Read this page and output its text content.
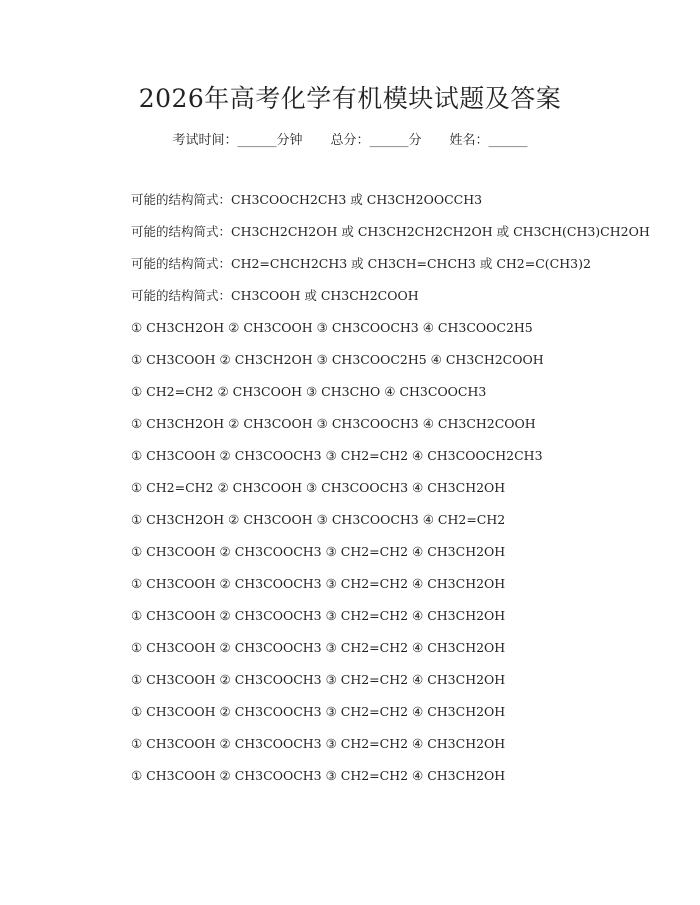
2026年高考化学有机模块试题及答案
考试时间：______分钟 总分：______分 姓名：______
可能的结构简式：CH3COOCH2CH3 或 CH3CH2OOCCH3
可能的结构简式：CH3CH2CH2OH 或 CH3CH2CH2CH2OH 或 CH3CH(CH3)CH2OH
可能的结构简式：CH2=CHCH2CH3 或 CH3CH=CHCH3 或 CH2=C(CH3)2
可能的结构简式：CH3COOH 或 CH3CH2COOH
① CH3CH2OH ② CH3COOH ③ CH3COOCH3 ④ CH3COOC2H5
① CH3COOH ② CH3CH2OH ③ CH3COOC2H5 ④ CH3CH2COOH
① CH2=CH2 ② CH3COOH ③ CH3CHO ④ CH3COOCH3
① CH3CH2OH ② CH3COOH ③ CH3COOCH3 ④ CH3CH2COOH
① CH3COOH ② CH3COOCH3 ③ CH2=CH2 ④ CH3COOCH2CH3
① CH2=CH2 ② CH3COOH ③ CH3COOCH3 ④ CH3CH2OH
① CH3CH2OH ② CH3COOH ③ CH3COOCH3 ④ CH2=CH2
① CH3COOH ② CH3COOCH3 ③ CH2=CH2 ④ CH3CH2OH
① CH3COOH ② CH3COOCH3 ③ CH2=CH2 ④ CH3CH2OH
① CH3COOH ② CH3COOCH3 ③ CH2=CH2 ④ CH3CH2OH
① CH3COOH ② CH3COOCH3 ③ CH2=CH2 ④ CH3CH2OH
① CH3COOH ② CH3COOCH3 ③ CH2=CH2 ④ CH3CH2OH
① CH3COOH ② CH3COOCH3 ③ CH2=CH2 ④ CH3CH2OH
① CH3COOH ② CH3COOCH3 ③ CH2=CH2 ④ CH3CH2OH
① CH3COOH ② CH3COOCH3 ③ CH2=CH2 ④ CH3CH2OH
